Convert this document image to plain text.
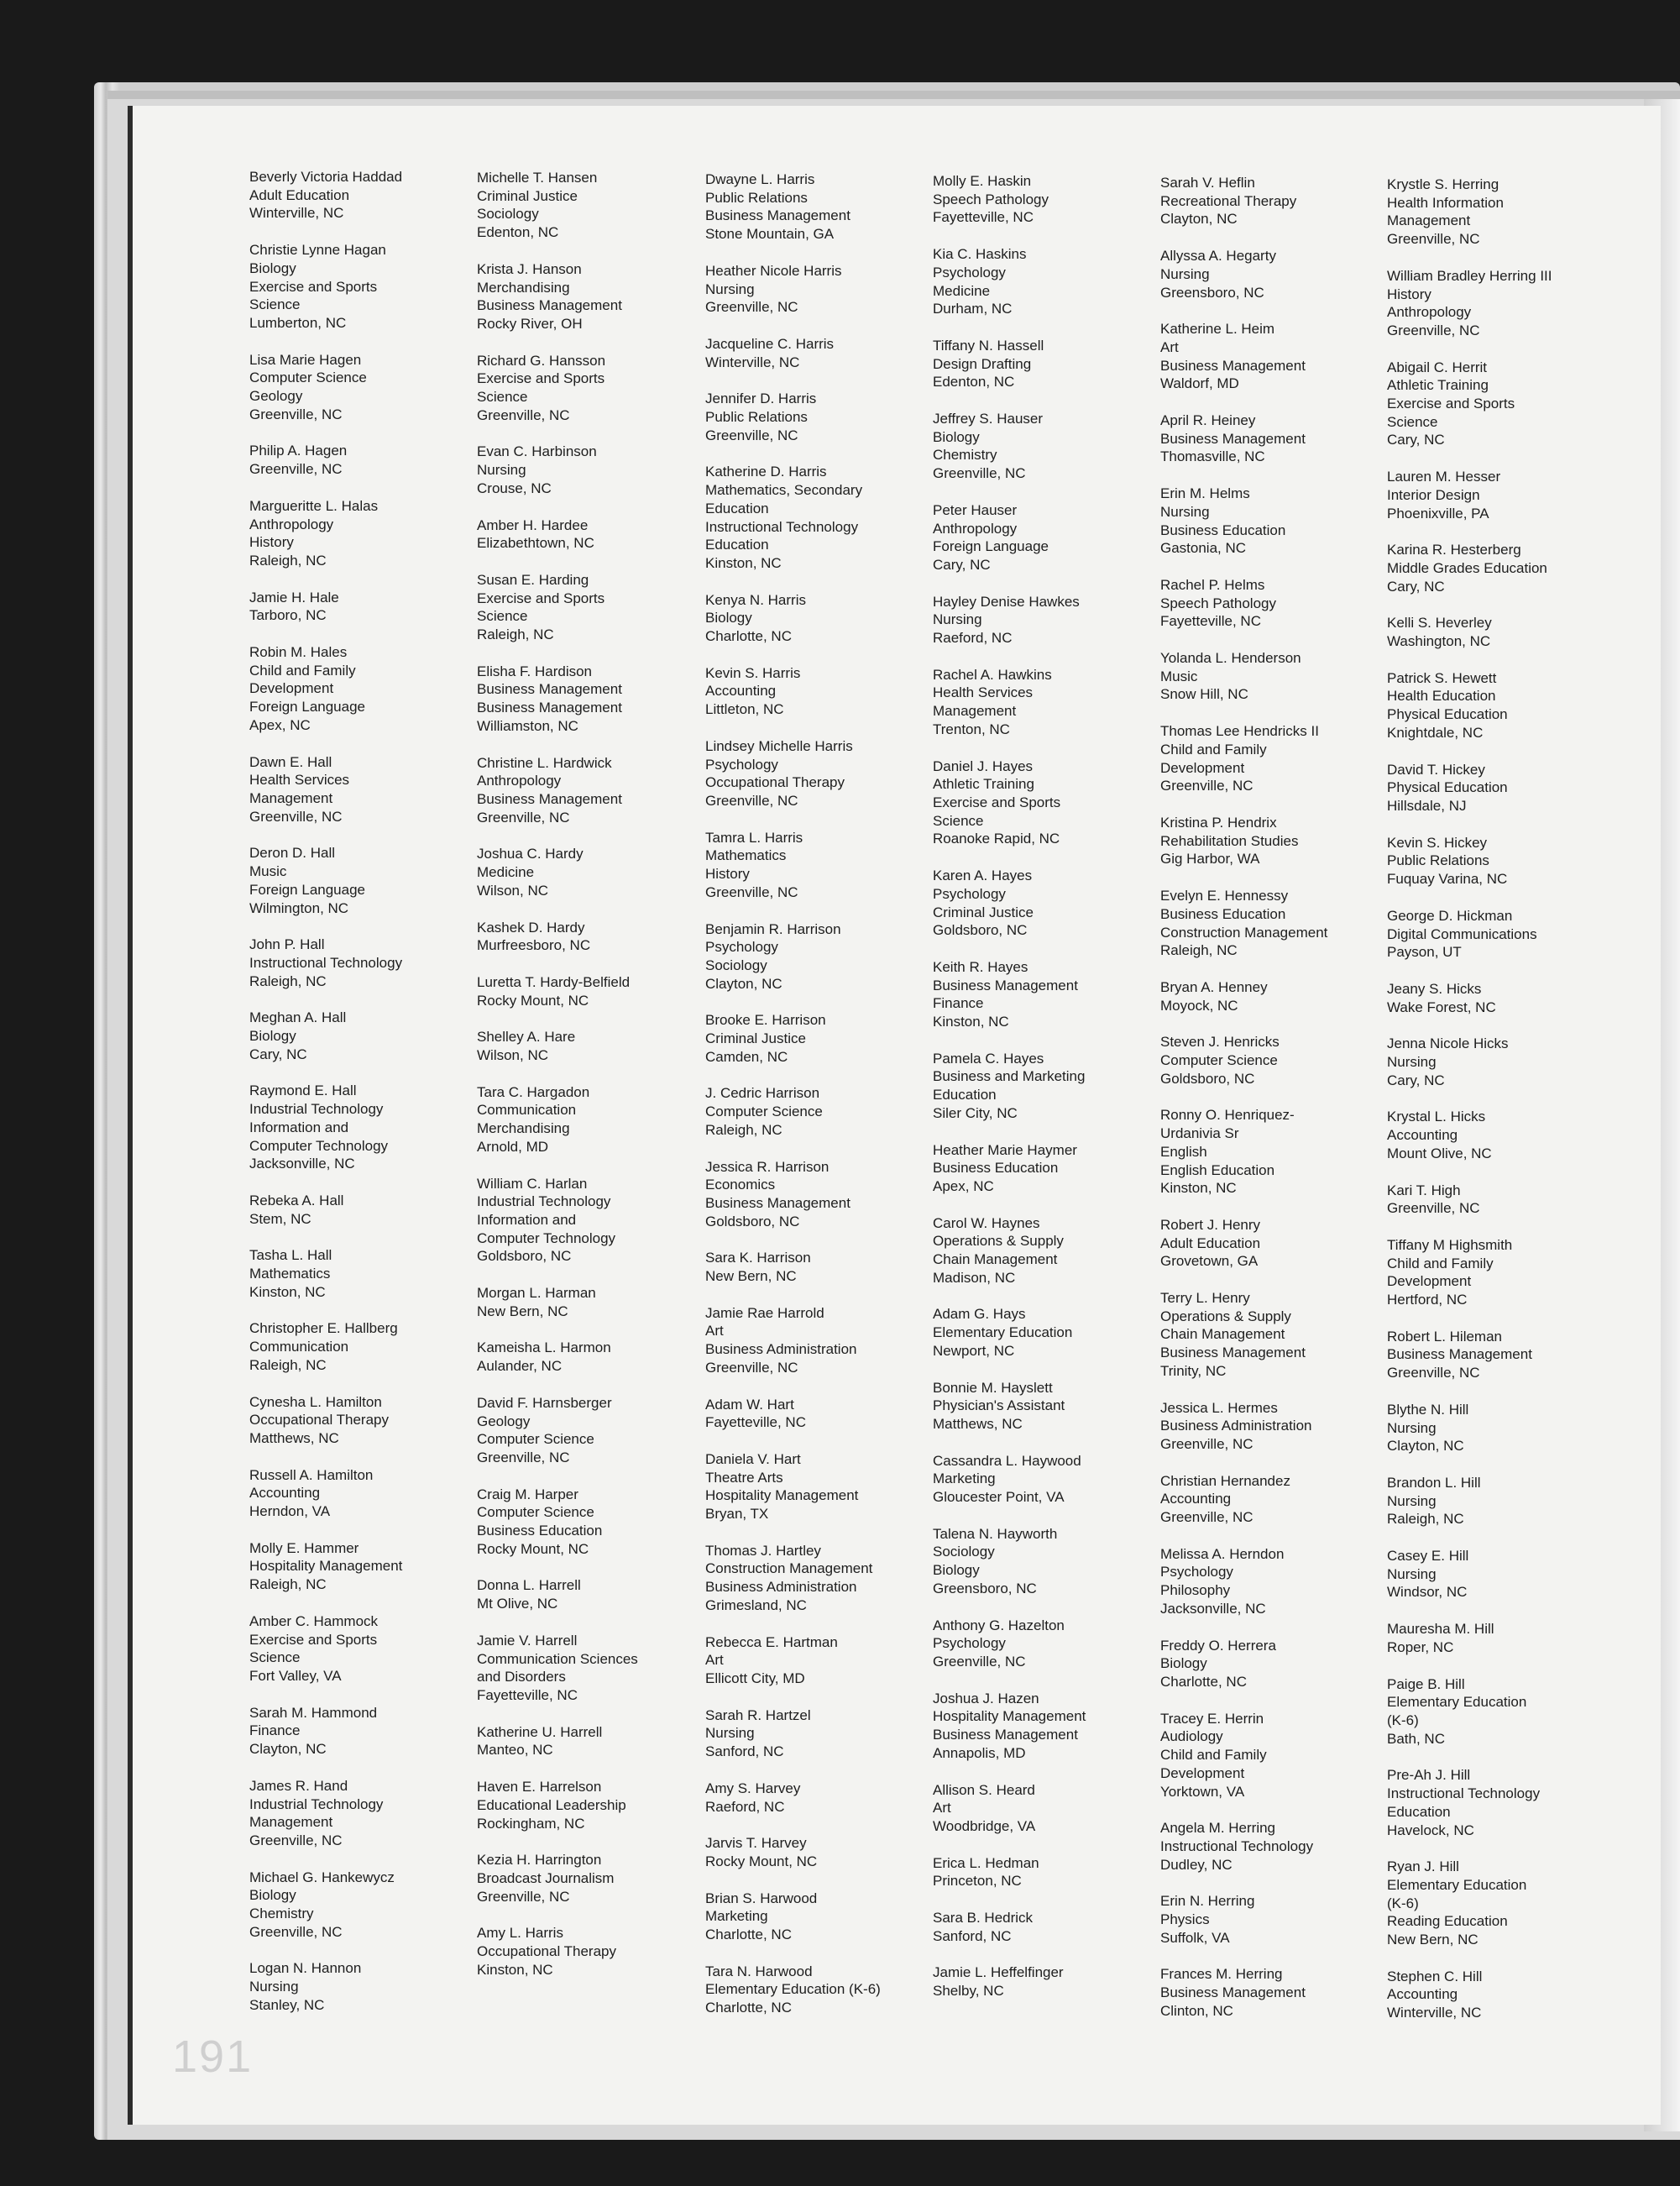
Beverly Victoria Haddad
Adult Education
Winterville, NC
Christie Lynne Hagan
Biology
Exercise and Sports
Science
Lumberton, NC
Lisa Marie Hagen
Computer Science
Geology
Greenville, NC
Philip A. Hagen
Greenville, NC
Margueritte L. Halas
Anthropology
History
Raleigh, NC
Jamie H. Hale
Tarboro, NC
Robin M. Hales
Child and Family
Development
Foreign Language
Apex, NC
Dawn E. Hall
Health Services
Management
Greenville, NC
Deron D. Hall
Music
Foreign Language
Wilmington, NC
John P. Hall
Instructional Technology
Raleigh, NC
Meghan A. Hall
Biology
Cary, NC
Raymond E. Hall
Industrial Technology
Information and
Computer Technology
Jacksonville, NC
Rebeka A. Hall
Stem, NC
Tasha L. Hall
Mathematics
Kinston, NC
Christopher E. Hallberg
Communication
Raleigh, NC
Cynesha L. Hamilton
Occupational Therapy
Matthews, NC
Russell A. Hamilton
Accounting
Herndon, VA
Molly E. Hammer
Hospitality Management
Raleigh, NC
Amber C. Hammock
Exercise and Sports
Science
Fort Valley, VA
Sarah M. Hammond
Finance
Clayton, NC
James R. Hand
Industrial Technology
Management
Greenville, NC
Michael G. Hankewycz
Biology
Chemistry
Greenville, NC
Logan N. Hannon
Nursing
Stanley, NC
Michelle T. Hansen
Criminal Justice
Sociology
Edenton, NC
Krista J. Hanson
Merchandising
Business Management
Rocky River, OH
Richard G. Hansson
Exercise and Sports
Science
Greenville, NC
Evan C. Harbinson
Nursing
Crouse, NC
Amber H. Hardee
Elizabethtown, NC
Susan E. Harding
Exercise and Sports
Science
Raleigh, NC
Elisha F. Hardison
Business Management
Business Management
Williamston, NC
Christine L. Hardwick
Anthropology
Business Management
Greenville, NC
Joshua C. Hardy
Medicine
Wilson, NC
Kashek D. Hardy
Murfreesboro, NC
Luretta T. Hardy-Belfield
Rocky Mount, NC
Shelley A. Hare
Wilson, NC
Tara C. Hargadon
Communication
Merchandising
Arnold, MD
William C. Harlan
Industrial Technology
Information and
Computer Technology
Goldsboro, NC
Morgan L. Harman
New Bern, NC
Kameisha L. Harmon
Aulander, NC
David F. Harnsberger
Geology
Computer Science
Greenville, NC
Craig M. Harper
Computer Science
Business Education
Rocky Mount, NC
Donna L. Harrell
Mt Olive, NC
Jamie V. Harrell
Communication Sciences
and Disorders
Fayetteville, NC
Katherine U. Harrell
Manteo, NC
Haven E. Harrelson
Educational Leadership
Rockingham, NC
Kezia H. Harrington
Broadcast Journalism
Greenville, NC
Amy L. Harris
Occupational Therapy
Kinston, NC
Dwayne L. Harris
Public Relations
Business Management
Stone Mountain, GA
Heather Nicole Harris
Nursing
Greenville, NC
Jacqueline C. Harris
Winterville, NC
Jennifer D. Harris
Public Relations
Greenville, NC
Katherine D. Harris
Mathematics, Secondary
Education
Instructional Technology
Education
Kinston, NC
Kenya N. Harris
Biology
Charlotte, NC
Kevin S. Harris
Accounting
Littleton, NC
Lindsey Michelle Harris
Psychology
Occupational Therapy
Greenville, NC
Tamra L. Harris
Mathematics
History
Greenville, NC
Benjamin R. Harrison
Psychology
Sociology
Clayton, NC
Brooke E. Harrison
Criminal Justice
Camden, NC
J. Cedric Harrison
Computer Science
Raleigh, NC
Jessica R. Harrison
Economics
Business Management
Goldsboro, NC
Sara K. Harrison
New Bern, NC
Jamie Rae Harrold
Art
Business Administration
Greenville, NC
Adam W. Hart
Fayetteville, NC
Daniela V. Hart
Theatre Arts
Hospitality Management
Bryan, TX
Thomas J. Hartley
Construction Management
Business Administration
Grimesland, NC
Rebecca E. Hartman
Art
Ellicott City, MD
Sarah R. Hartzel
Nursing
Sanford, NC
Amy S. Harvey
Raeford, NC
Jarvis T. Harvey
Rocky Mount, NC
Brian S. Harwood
Marketing
Charlotte, NC
Tara N. Harwood
Elementary Education (K-6)
Charlotte, NC
Molly E. Haskin
Speech Pathology
Fayetteville, NC
Kia C. Haskins
Psychology
Medicine
Durham, NC
Tiffany N. Hassell
Design Drafting
Edenton, NC
Jeffrey S. Hauser
Biology
Chemistry
Greenville, NC
Peter Hauser
Anthropology
Foreign Language
Cary, NC
Hayley Denise Hawkes
Nursing
Raeford, NC
Rachel A. Hawkins
Health Services
Management
Trenton, NC
Daniel J. Hayes
Athletic Training
Exercise and Sports
Science
Roanoke Rapid, NC
Karen A. Hayes
Psychology
Criminal Justice
Goldsboro, NC
Keith R. Hayes
Business Management
Finance
Kinston, NC
Pamela C. Hayes
Business and Marketing
Education
Siler City, NC
Heather Marie Haymer
Business Education
Apex, NC
Carol W. Haynes
Operations & Supply
Chain Management
Madison, NC
Adam G. Hays
Elementary Education
Newport, NC
Bonnie M. Hayslett
Physician's Assistant
Matthews, NC
Cassandra L. Haywood
Marketing
Gloucester Point, VA
Talena N. Hayworth
Sociology
Biology
Greensboro, NC
Anthony G. Hazelton
Psychology
Greenville, NC
Joshua J. Hazen
Hospitality Management
Business Management
Annapolis, MD
Allison S. Heard
Art
Woodbridge, VA
Erica L. Hedman
Princeton, NC
Sara B. Hedrick
Sanford, NC
Jamie L. Heffelfinger
Shelby, NC
Sarah V. Heflin
Recreational Therapy
Clayton, NC
Allyssa A. Hegarty
Nursing
Greensboro, NC
Katherine L. Heim
Art
Business Management
Waldorf, MD
April R. Heiney
Business Management
Thomasville, NC
Erin M. Helms
Nursing
Business Education
Gastonia, NC
Rachel P. Helms
Speech Pathology
Fayetteville, NC
Yolanda L. Henderson
Music
Snow Hill, NC
Thomas Lee Hendricks II
Child and Family
Development
Greenville, NC
Kristina P. Hendrix
Rehabilitation Studies
Gig Harbor, WA
Evelyn E. Hennessy
Business Education
Construction Management
Raleigh, NC
Bryan A. Henney
Moyock, NC
Steven J. Henricks
Computer Science
Goldsboro, NC
Ronny O. Henriquez-
Urdanivia Sr
English
English Education
Kinston, NC
Robert J. Henry
Adult Education
Grovetown, GA
Terry L. Henry
Operations & Supply
Chain Management
Business Management
Trinity, NC
Jessica L. Hermes
Business Administration
Greenville, NC
Christian Hernandez
Accounting
Greenville, NC
Melissa A. Herndon
Psychology
Philosophy
Jacksonville, NC
Freddy O. Herrera
Biology
Charlotte, NC
Tracey E. Herrin
Audiology
Child and Family
Development
Yorktown, VA
Angela M. Herring
Instructional Technology
Dudley, NC
Erin N. Herring
Physics
Suffolk, VA
Frances M. Herring
Business Management
Clinton, NC
Krystle S. Herring
Health Information
Management
Greenville, NC
William Bradley Herring III
History
Anthropology
Greenville, NC
Abigail C. Herrit
Athletic Training
Exercise and Sports
Science
Cary, NC
Lauren M. Hesser
Interior Design
Phoenixville, PA
Karina R. Hesterberg
Middle Grades Education
Cary, NC
Kelli S. Heverley
Washington, NC
Patrick S. Hewett
Health Education
Physical Education
Knightdale, NC
David T. Hickey
Physical Education
Hillsdale, NJ
Kevin S. Hickey
Public Relations
Fuquay Varina, NC
George D. Hickman
Digital Communications
Payson, UT
Jeany S. Hicks
Wake Forest, NC
Jenna Nicole Hicks
Nursing
Cary, NC
Krystal L. Hicks
Accounting
Mount Olive, NC
Kari T. High
Greenville, NC
Tiffany M Highsmith
Child and Family
Development
Hertford, NC
Robert L. Hileman
Business Management
Greenville, NC
Blythe N. Hill
Nursing
Clayton, NC
Brandon L. Hill
Nursing
Raleigh, NC
Casey E. Hill
Nursing
Windsor, NC
Mauresha M. Hill
Roper, NC
Paige B. Hill
Elementary Education
(K-6)
Bath, NC
Pre-Ah J. Hill
Instructional Technology
Education
Havelock, NC
Ryan J. Hill
Elementary Education
(K-6)
Reading Education
New Bern, NC
Stephen C. Hill
Accounting
Winterville, NC
191
